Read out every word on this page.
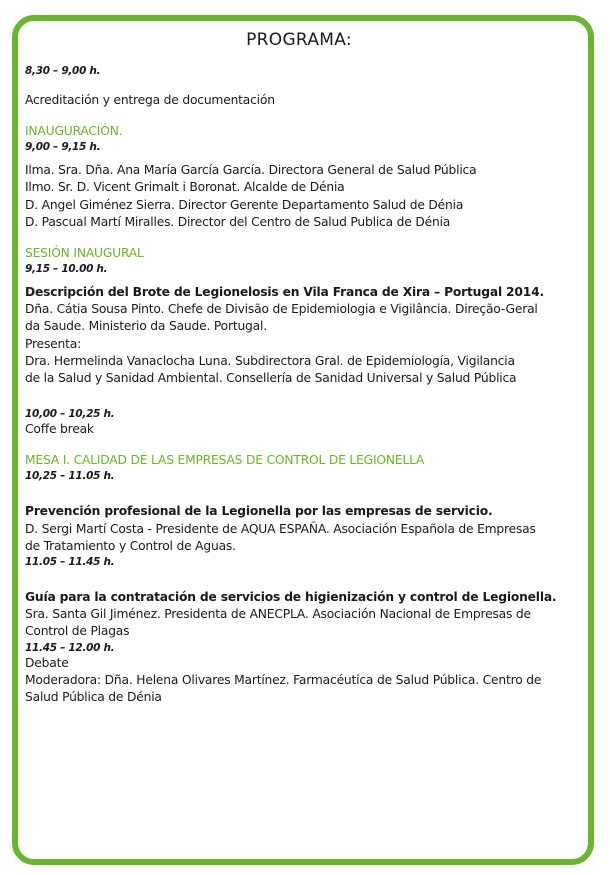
PROGRAMA:
8,30 – 9,00 h.
Acreditación y entrega de documentación
INAUGURACIÓN.
9,00 – 9,15 h.
Ilma. Sra. Dña. Ana María García García. Directora General de Salud Pública
Ilmo. Sr. D. Vicent Grimalt i Boronat. Alcalde de Dénia
D. Angel Giménez Sierra. Director Gerente Departamento Salud de Dénia
D. Pascual Martí Miralles. Director del Centro de Salud Publica de Dénia
SESIÓN INAUGURAL
9,15 – 10.00 h.
Descripción del Brote de Legionelosis en Vila Franca de Xira – Portugal 2014.
Dña. Cátia Sousa Pinto. Chefe de Divisão de Epidemiologia e Vigilância. Direção-Geral
da Saude. Ministerio da Saude. Portugal.
Presenta:
Dra. Hermelinda Vanaclocha Luna. Subdirectora Gral. de Epidemiología, Vigilancia
de la Salud y Sanidad Ambiental. Consellería de Sanidad Universal y Salud Pública
10,00 – 10,25 h.
Coffe break
MESA I. CALIDAD DE LAS EMPRESAS DE CONTROL DE LEGIONELLA
10,25 – 11.05 h.
Prevención profesional de la Legionella por las empresas de servicio.
D. Sergi Martí Costa - Presidente de AQUA ESPAÑA. Asociación Española de Empresas
de Tratamiento y Control de Aguas.
11.05 – 11.45 h.
Guía para la contratación de servicios de higienización y control de Legionella.
Sra. Santa Gil Jiménez. Presidenta de ANECPLA. Asociación Nacional de Empresas de
Control de Plagas
11.45 – 12.00 h.
Debate
Moderadora: Dña. Helena Olivares Martínez. Farmacéutica de Salud Pública. Centro de
Salud Pública de Dénia
